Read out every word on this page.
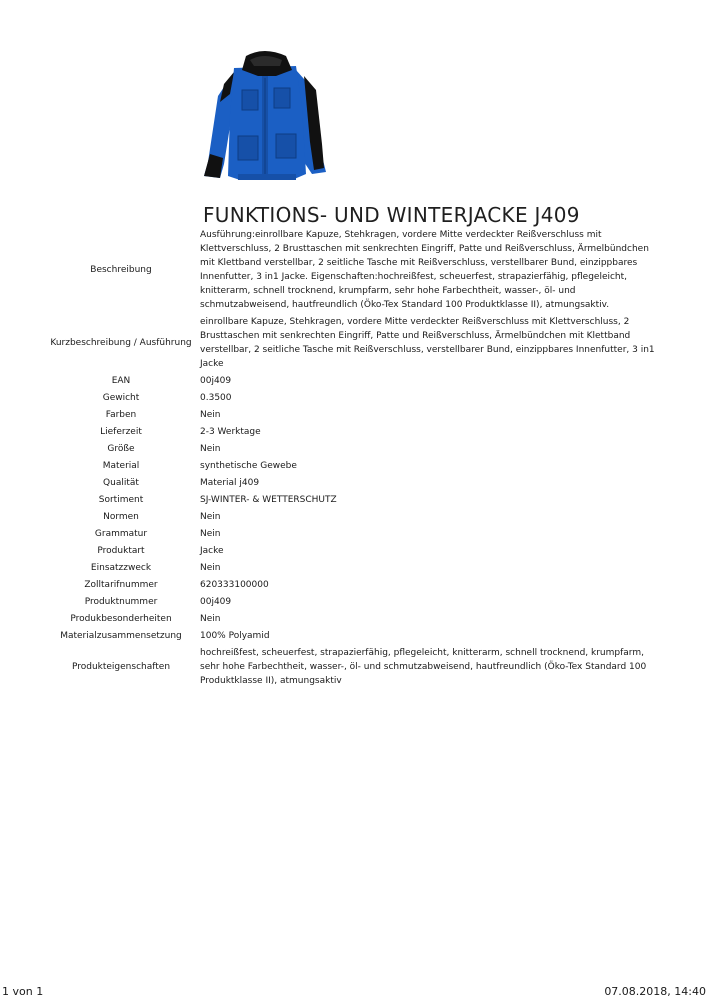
FUNKTIONS- UND WINTERJACKE J409
Beschreibung	Ausführung:einrollbare Kapuze, Stehkragen, vordere Mitte verdeckter Reißverschluss mit Klettverschluss, 2 Brusttaschen mit senkrechten Eingriff, Patte und Reißverschluss, Ärmelbündchen mit Klettband verstellbar, 2 seitliche Tasche mit Reißverschluss, verstellbarer Bund, einzippbares Innenfutter, 3 in1 Jacke. Eigenschaften:hochreißfest, scheuerfest, strapazierfähig, pflegeleicht, knitterarm, schnell trocknend, krumpfarm, sehr hohe Farbechtheit, wasser-, öl- und schmutzabweisend, hautfreundlich (Öko-Tex Standard 100 Produktklasse II), atmungsaktiv.
Kurzbeschreibung / Ausführung	einrollbare Kapuze, Stehkragen, vordere Mitte verdeckter Reißverschluss mit Klettverschluss, 2 Brusttaschen mit senkrechten Eingriff, Patte und Reißverschluss, Ärmelbündchen mit Klettband verstellbar, 2 seitliche Tasche mit Reißverschluss, verstellbarer Bund, einzippbares Innenfutter, 3 in1 Jacke
EAN	00j409
Gewicht	0.3500
Farben	Nein
Lieferzeit	2-3 Werktage
Größe	Nein
Material	synthetische Gewebe
Qualität	Material j409
Sortiment	SJ-WINTER- & WETTERSCHUTZ
Normen	Nein
Grammatur	Nein
Produktart	Jacke
Einsatzzweck	Nein
Zolltarifnummer	620333100000
Produktnummer	00j409
Produkbesonderheiten	Nein
Materialzusammensetzung	100% Polyamid
Produkteigenschaften	hochreißfest, scheuerfest, strapazierfähig, pflegeleicht, knitterarm, schnell trocknend, krumpfarm, sehr hohe Farbechtheit, wasser-, öl- und schmutzabweisend, hautfreundlich (Öko-Tex Standard 100 Produktklasse II), atmungsaktiv
1 von 1	07.08.2018, 14:40
